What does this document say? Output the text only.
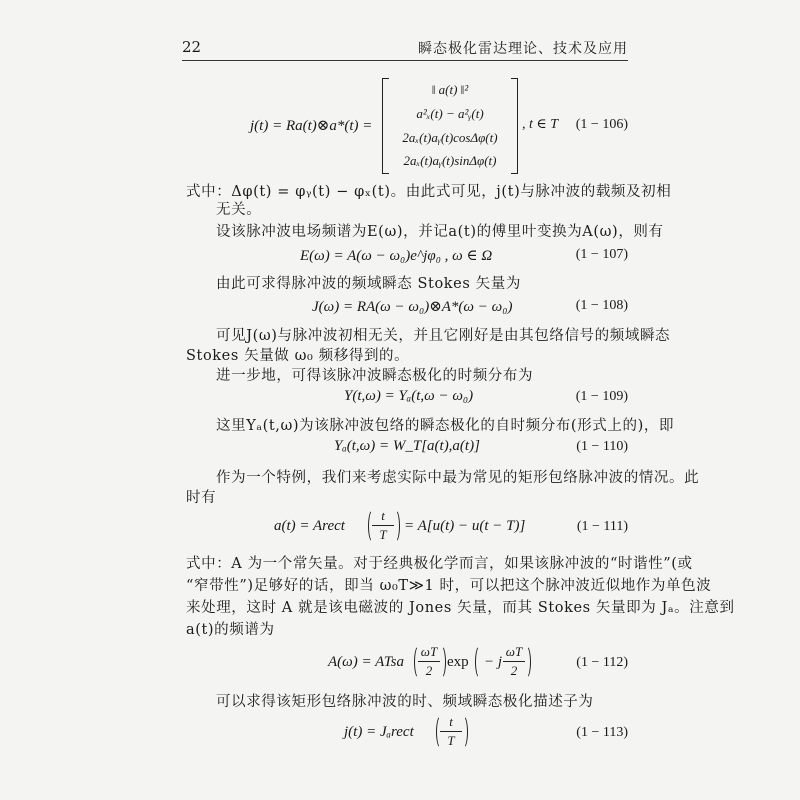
22	瞬态极化雷达理论、技术及应用
j(t) = Ra(t)⊗a*(t) =
‖ a(t) ‖²
a²ₓ(t) − a²ᵧ(t)
2aₓ(t)aᵧ(t)cosΔφ(t)
2aₓ(t)aᵧ(t)sinΔφ(t)
, t ∈ T (1 − 106)
式中：Δφ(t) = φᵧ(t) − φₓ(t)。由此式可见，j(t)与脉冲波的载频及初相
无关。
设该脉冲波电场频谱为E(ω)，并记a(t)的傅里叶变换为A(ω)，则有
E(ω) = A(ω − ω₀)e^jφ₀ , ω ∈ Ω	(1 − 107)
由此可求得脉冲波的频域瞬态 Stokes 矢量为
J(ω) = RA(ω − ω₀)⊗A*(ω − ω₀)	(1 − 108)
可见J(ω)与脉冲波初相无关，并且它刚好是由其包络信号的频域瞬态
Stokes 矢量做 ω₀ 频移得到的。
进一步地，可得该脉冲波瞬态极化的时频分布为
Y(t,ω) = Yₐ(t,ω − ω₀)	(1 − 109)
这里Yₐ(t,ω)为该脉冲波包络的瞬态极化的自时频分布(形式上的)，即
Yₐ(t,ω) = W_T[a(t),a(t)]	(1 − 110)
作为一个特例，我们来考虑实际中最为常见的矩形包络脉冲波的情况。此
时有
a(t) = Arect
t
T
= A[u(t) − u(t − T)]	(1 − 111)
式中：A 为一个常矢量。对于经典极化学而言，如果该脉冲波的“时谐性”(或
“窄带性”)足够好的话，即当 ω₀T≫1 时，可以把这个脉冲波近似地作为单色波
来处理，这时 A 就是该电磁波的 Jones 矢量，而其 Stokes 矢量即为 Jₐ。注意到
a(t)的频谱为
A(ω) = ATsa
ωT
2
exp − j
ωT
2
(1 − 112)
可以求得该矩形包络脉冲波的时、频域瞬态极化描述子为
j(t) = Jₐrect
t
T
(1 − 113)
